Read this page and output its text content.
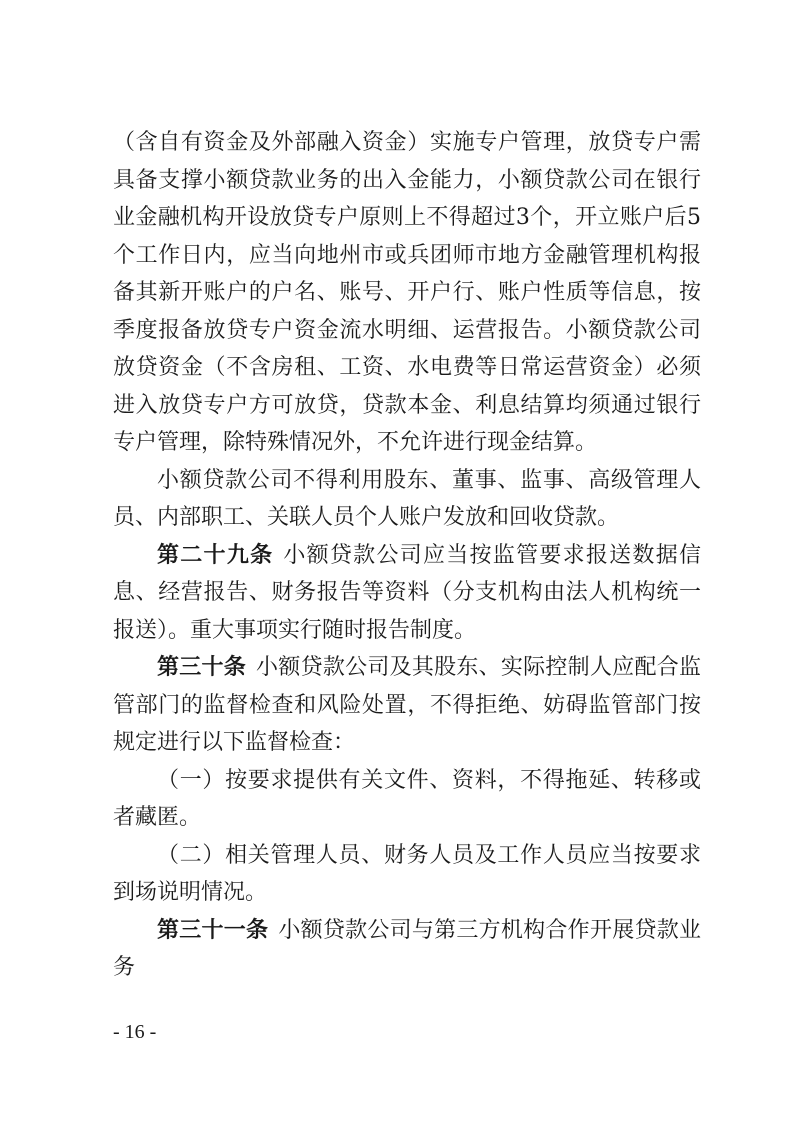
（含自有资金及外部融入资金）实施专户管理，放贷专户需具备支撑小额贷款业务的出入金能力，小额贷款公司在银行业金融机构开设放贷专户原则上不得超过3个，开立账户后5个工作日内，应当向地州市或兵团师市地方金融管理机构报备其新开账户的户名、账号、开户行、账户性质等信息，按季度报备放贷专户资金流水明细、运营报告。小额贷款公司放贷资金（不含房租、工资、水电费等日常运营资金）必须进入放贷专户方可放贷，贷款本金、利息结算均须通过银行专户管理，除特殊情况外，不允许进行现金结算。

小额贷款公司不得利用股东、董事、监事、高级管理人员、内部职工、关联人员个人账户发放和回收贷款。

第二十九条 小额贷款公司应当按监管要求报送数据信息、经营报告、财务报告等资料（分支机构由法人机构统一报送）。重大事项实行随时报告制度。

第三十条 小额贷款公司及其股东、实际控制人应配合监管部门的监督检查和风险处置，不得拒绝、妨碍监管部门按规定进行以下监督检查：

（一）按要求提供有关文件、资料，不得拖延、转移或者藏匿。

（二）相关管理人员、财务人员及工作人员应当按要求到场说明情况。

第三十一条 小额贷款公司与第三方机构合作开展贷款业务

- 16 -
